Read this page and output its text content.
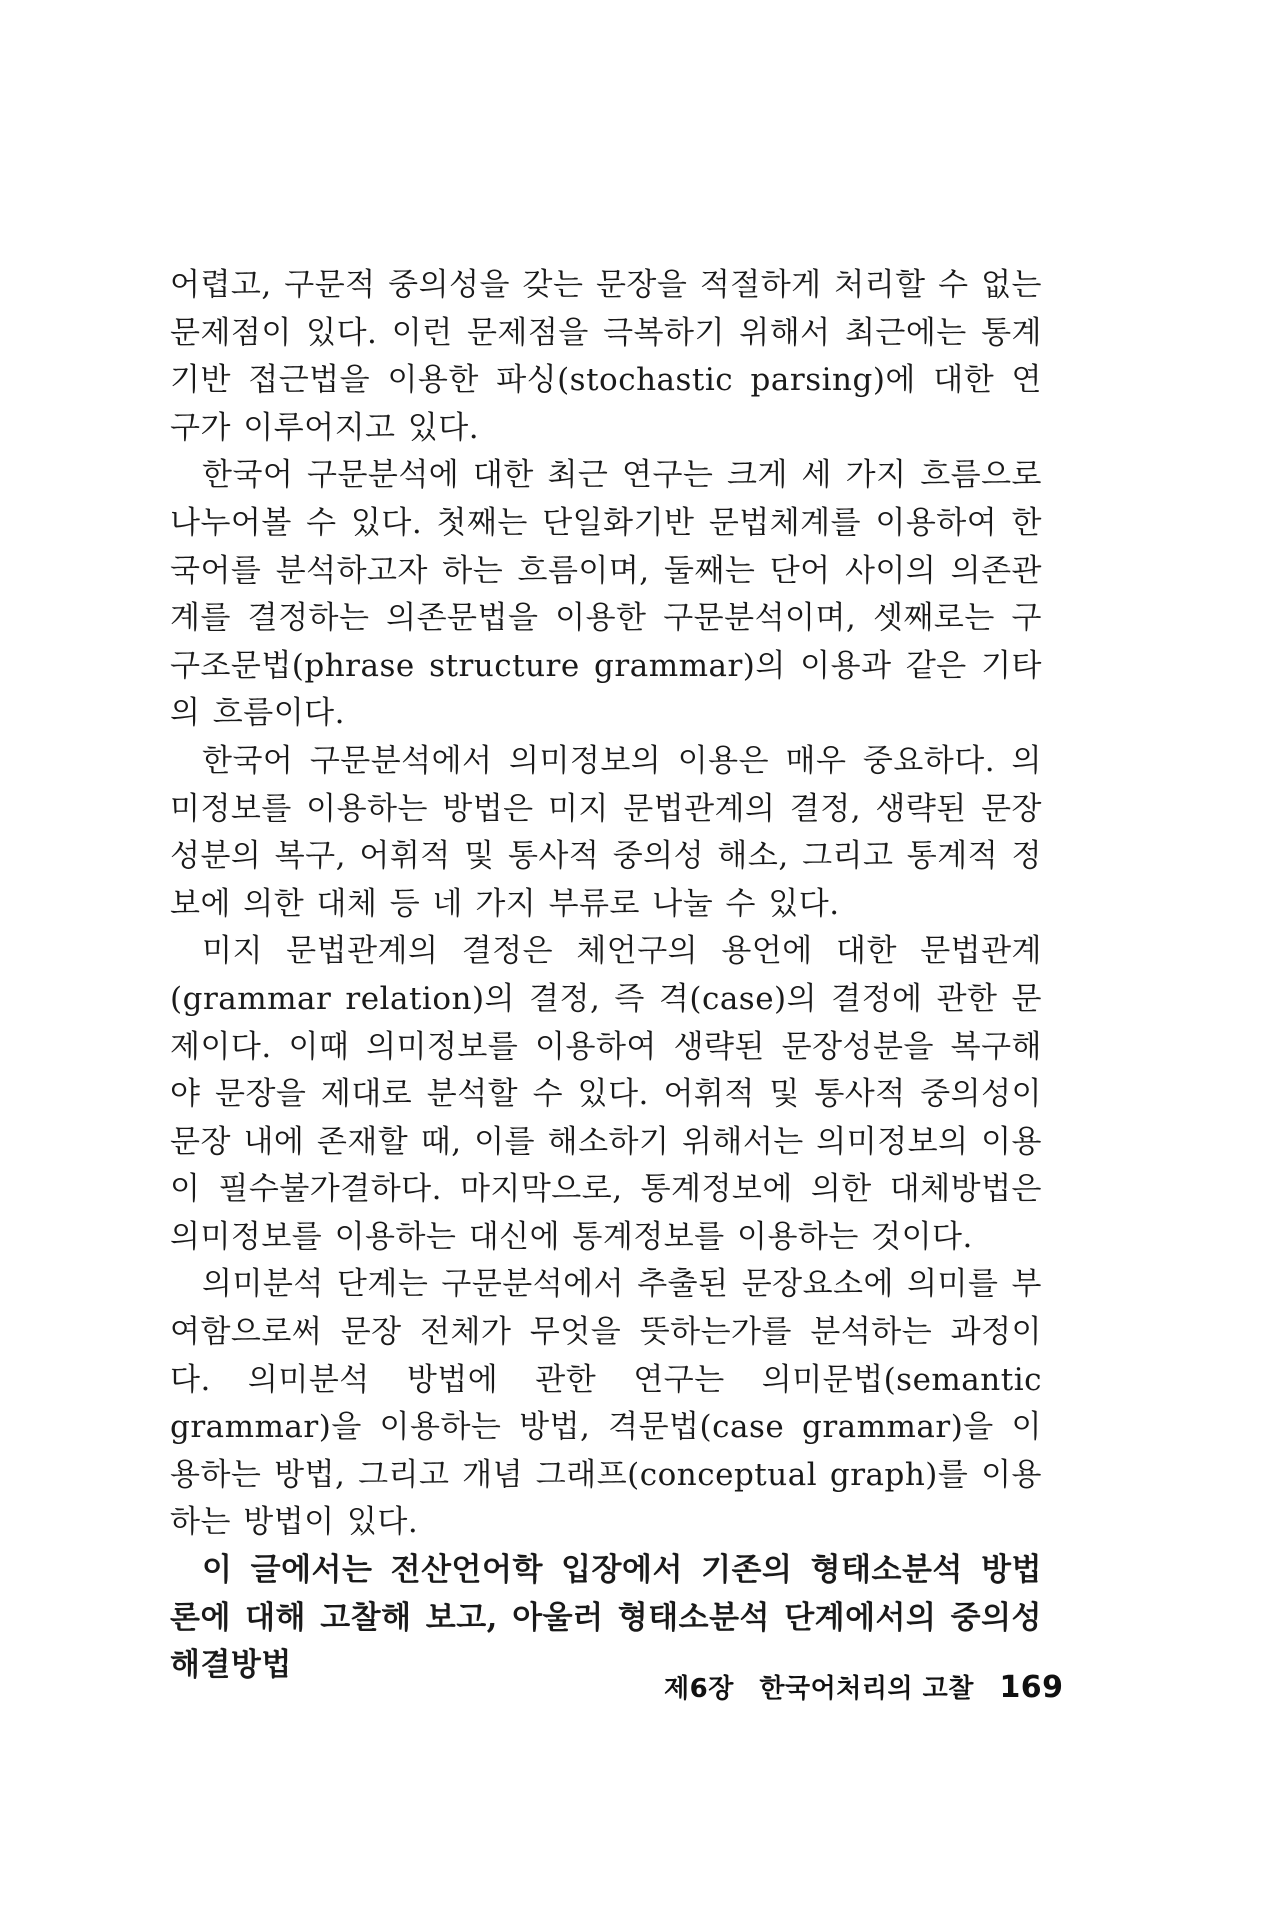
어렵고, 구문적 중의성을 갖는 문장을 적절하게 처리할 수 없는 문제점이 있다. 이런 문제점을 극복하기 위해서 최근에는 통계기반 접근법을 이용한 파싱(stochastic parsing)에 대한 연구가 이루어지고 있다.

한국어 구문분석에 대한 최근 연구는 크게 세 가지 흐름으로 나누어볼 수 있다. 첫째는 단일화기반 문법체계를 이용하여 한국어를 분석하고자 하는 흐름이며, 둘째는 단어 사이의 의존관계를 결정하는 의존문법을 이용한 구문분석이며, 셋째로는 구구조문법(phrase structure grammar)의 이용과 같은 기타의 흐름이다.

한국어 구문분석에서 의미정보의 이용은 매우 중요하다. 의미정보를 이용하는 방법은 미지 문법관계의 결정, 생략된 문장성분의 복구, 어휘적 및 통사적 중의성 해소, 그리고 통계적 정보에 의한 대체 등 네 가지 부류로 나눌 수 있다.

미지 문법관계의 결정은 체언구의 용언에 대한 문법관계(grammar relation)의 결정, 즉 격(case)의 결정에 관한 문제이다. 이때 의미정보를 이용하여 생략된 문장성분을 복구해야 문장을 제대로 분석할 수 있다. 어휘적 및 통사적 중의성이 문장 내에 존재할 때, 이를 해소하기 위해서는 의미정보의 이용이 필수불가결하다. 마지막으로, 통계정보에 의한 대체방법은 의미정보를 이용하는 대신에 통계정보를 이용하는 것이다.

의미분석 단계는 구문분석에서 추출된 문장요소에 의미를 부여함으로써 문장 전체가 무엇을 뜻하는가를 분석하는 과정이다. 의미분석 방법에 관한 연구는 의미문법(semantic grammar)을 이용하는 방법, 격문법(case grammar)을 이용하는 방법, 그리고 개념 그래프(conceptual graph)를 이용하는 방법이 있다.

이 글에서는 전산언어학 입장에서 기존의 형태소분석 방법론에 대해 고찰해 보고, 아울러 형태소분석 단계에서의 중의성 해결방법

제6장 한국어처리의 고찰 169
